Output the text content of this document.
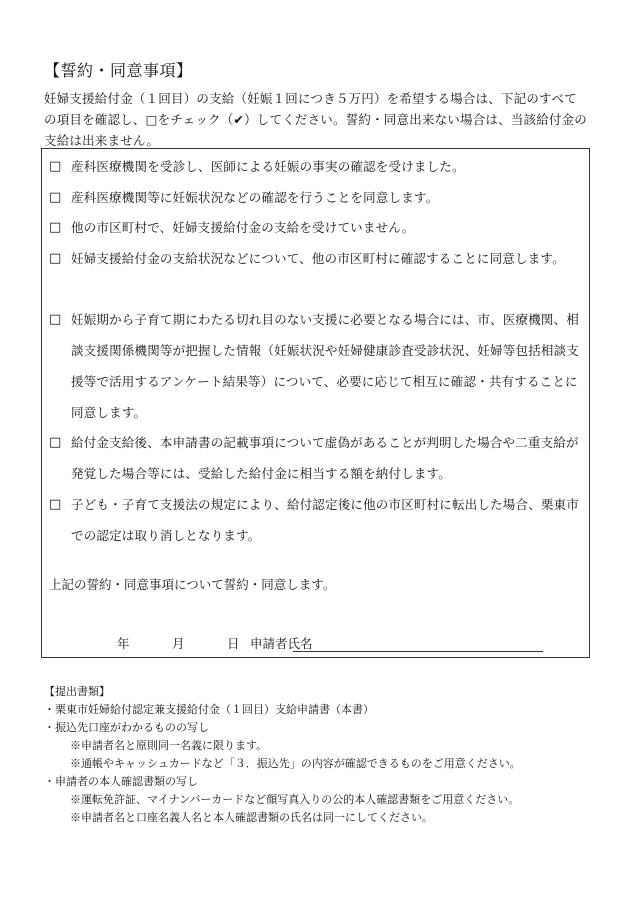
【誓約・同意事項】
妊婦支援給付金（１回目）の支給（妊娠１回につき５万円）を希望する場合は、下記のすべての項目を確認し、□をチェック（✔）してください。誓約・同意出来ない場合は、当該給付金の支給は出来ません。
□ 産科医療機関を受診し、医師による妊娠の事実の確認を受けました。
□ 産科医療機関等に妊娠状況などの確認を行うことを同意します。
□ 他の市区町村で、妊婦支援給付金の支給を受けていません。
□ 妊婦支援給付金の支給状況などについて、他の市区町村に確認することに同意します。
□ 妊娠期から子育て期にわたる切れ目のない支援に必要となる場合には、市、医療機関、相談支援関係機関等が把握した情報（妊娠状況や妊婦健康診査受診状況、妊婦等包括相談支援等で活用するアンケート結果等）について、必要に応じて相互に確認・共有することに同意します。
□ 給付金支給後、本申請書の記載事項について虚偽があることが判明した場合や二重支給が発覚した場合等には、受給した給付金に相当する額を納付します。
□ 子ども・子育て支援法の規定により、給付認定後に他の市区町村に転出した場合、栗東市での認定は取り消しとなります。
上記の誓約・同意事項について誓約・同意します。
年	月	日 申請者氏名
【提出書類】
・栗東市妊婦給付認定兼支援給付金（１回目）支給申請書（本書）
・振込先口座がわかるものの写し
※申請者名と原則同一名義に限ります。
※通帳やキャッシュカードなど「３．振込先」の内容が確認できるものをご用意ください。
・申請者の本人確認書類の写し
※運転免許証、マイナンバーカードなど顔写真入りの公的本人確認書類をご用意ください。
※申請者名と口座名義人名と本人確認書類の氏名は同一にしてください。
